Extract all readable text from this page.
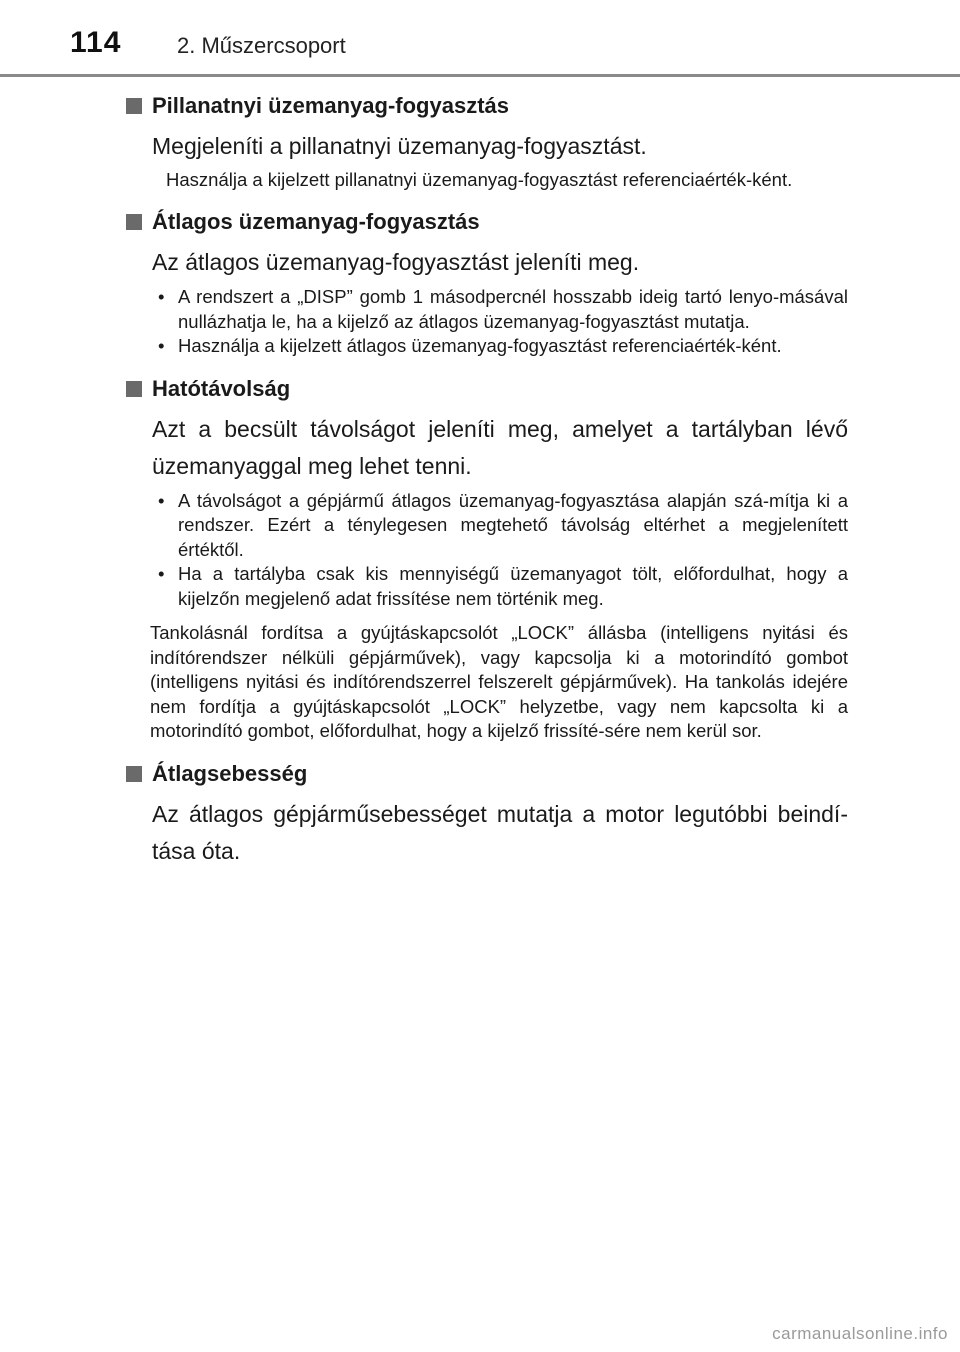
114	2. Műszercsoport
Pillanatnyi üzemanyag-fogyasztás

Megjeleníti a pillanatnyi üzemanyag-fogyasztást.

Használja a kijelzett pillanatnyi üzemanyag-fogyasztást referenciaérték-ként.

Átlagos üzemanyag-fogyasztás

Az átlagos üzemanyag-fogyasztást jeleníti meg.

• A rendszert a „DISP” gomb 1 másodpercnél hosszabb ideig tartó lenyo-másával nullázhatja le, ha a kijelző az átlagos üzemanyag-fogyasztást mutatja.
• Használja a kijelzett átlagos üzemanyag-fogyasztást referenciaérték-ként.
Hatótávolság

Azt a becsült távolságot jeleníti meg, amelyet a tartályban lévő üzemanyaggal meg lehet tenni.

• A távolságot a gépjármű átlagos üzemanyag-fogyasztása alapján szá-mítja ki a rendszer. Ezért a ténylegesen megtehető távolság eltérhet a megjelenített értéktől.
• Ha a tartályba csak kis mennyiségű üzemanyagot tölt, előfordulhat, hogy a kijelzőn megjelenő adat frissítése nem történik meg.

Tankolásnál fordítsa a gyújtáskapcsolót „LOCK” állásba (intelligens nyitási és indítórendszer nélküli gépjárművek), vagy kapcsolja ki a motorindító gombot (intelligens nyitási és indítórendszerrel felszerelt gépjárművek). Ha tankolás idejére nem fordítja a gyújtáskapcsolót „LOCK” helyzetbe, vagy nem kapcsolta ki a motorindító gombot, előfordulhat, hogy a kijelző frissíté-sére nem kerül sor.

Átlagsebesség

Az átlagos gépjárműsebességet mutatja a motor legutóbbi beindí-tása óta.

carmanualsonline.info
